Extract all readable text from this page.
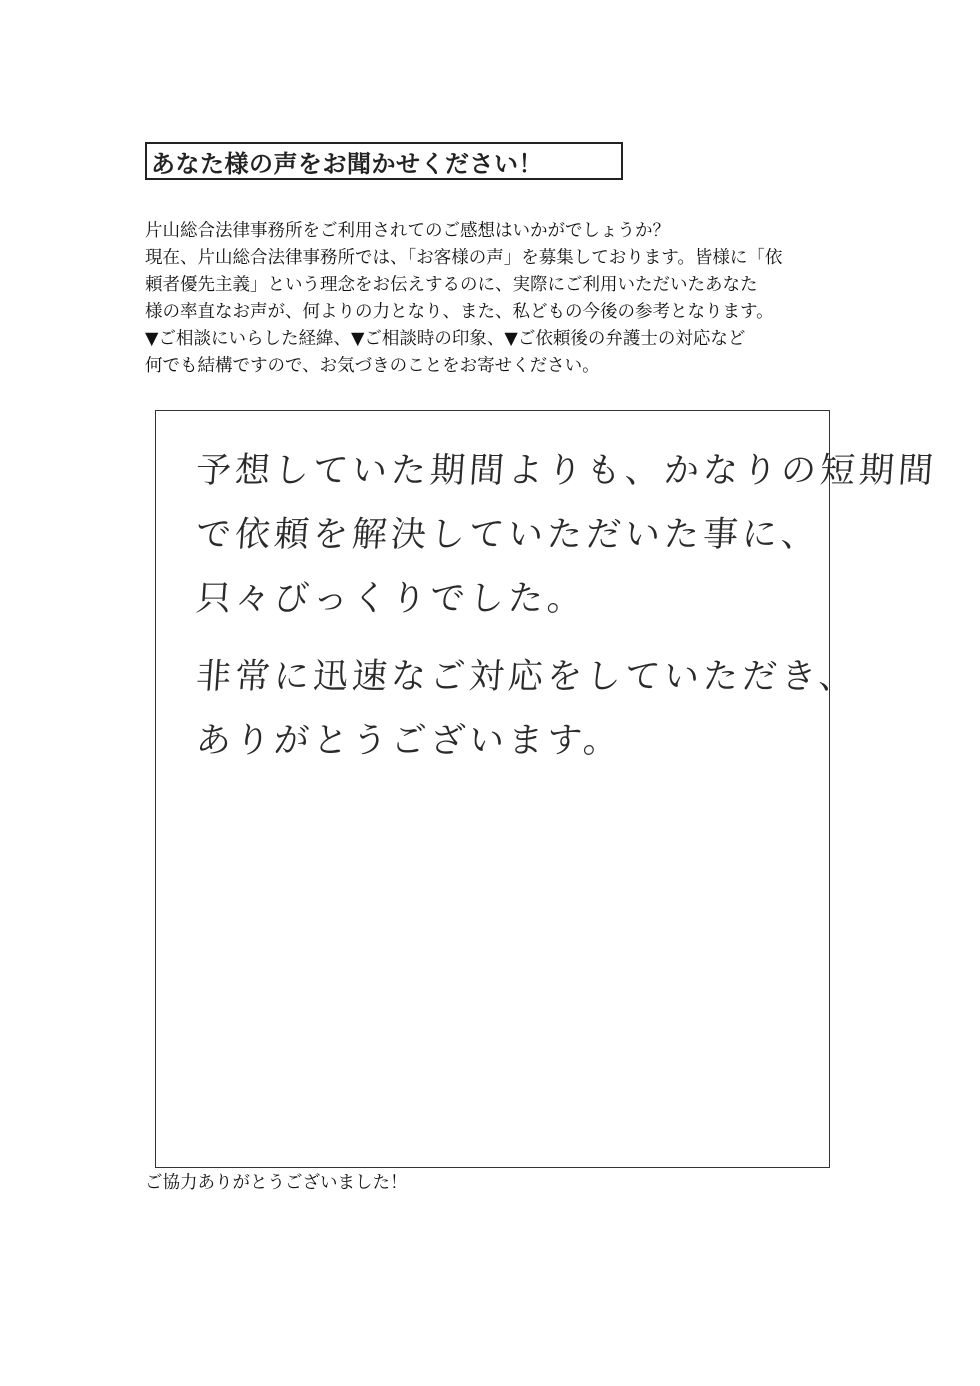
あなた様の声をお聞かせください！

片山総合法律事務所をご利用されてのご感想はいかがでしょうか？

現在、片山総合法律事務所では、「お客様の声」を募集しております。皆様に「依

頼者優先主義」という理念をお伝えするのに、実際にご利用いただいたあなた

様の率直なお声が、何よりの力となり、また、私どもの今後の参考となります。

▼ご相談にいらした経緯、▼ご相談時の印象、▼ご依頼後の弁護士の対応など

何でも結構ですので、お気づきのことをお寄せください。

予想していた期間よりも、かなりの短期間
で依頼を解決していただいた事に、
只々びっくりでした。
非常に迅速なご対応をしていただき、
ありがとうございます。
ご協力ありがとうございました！
